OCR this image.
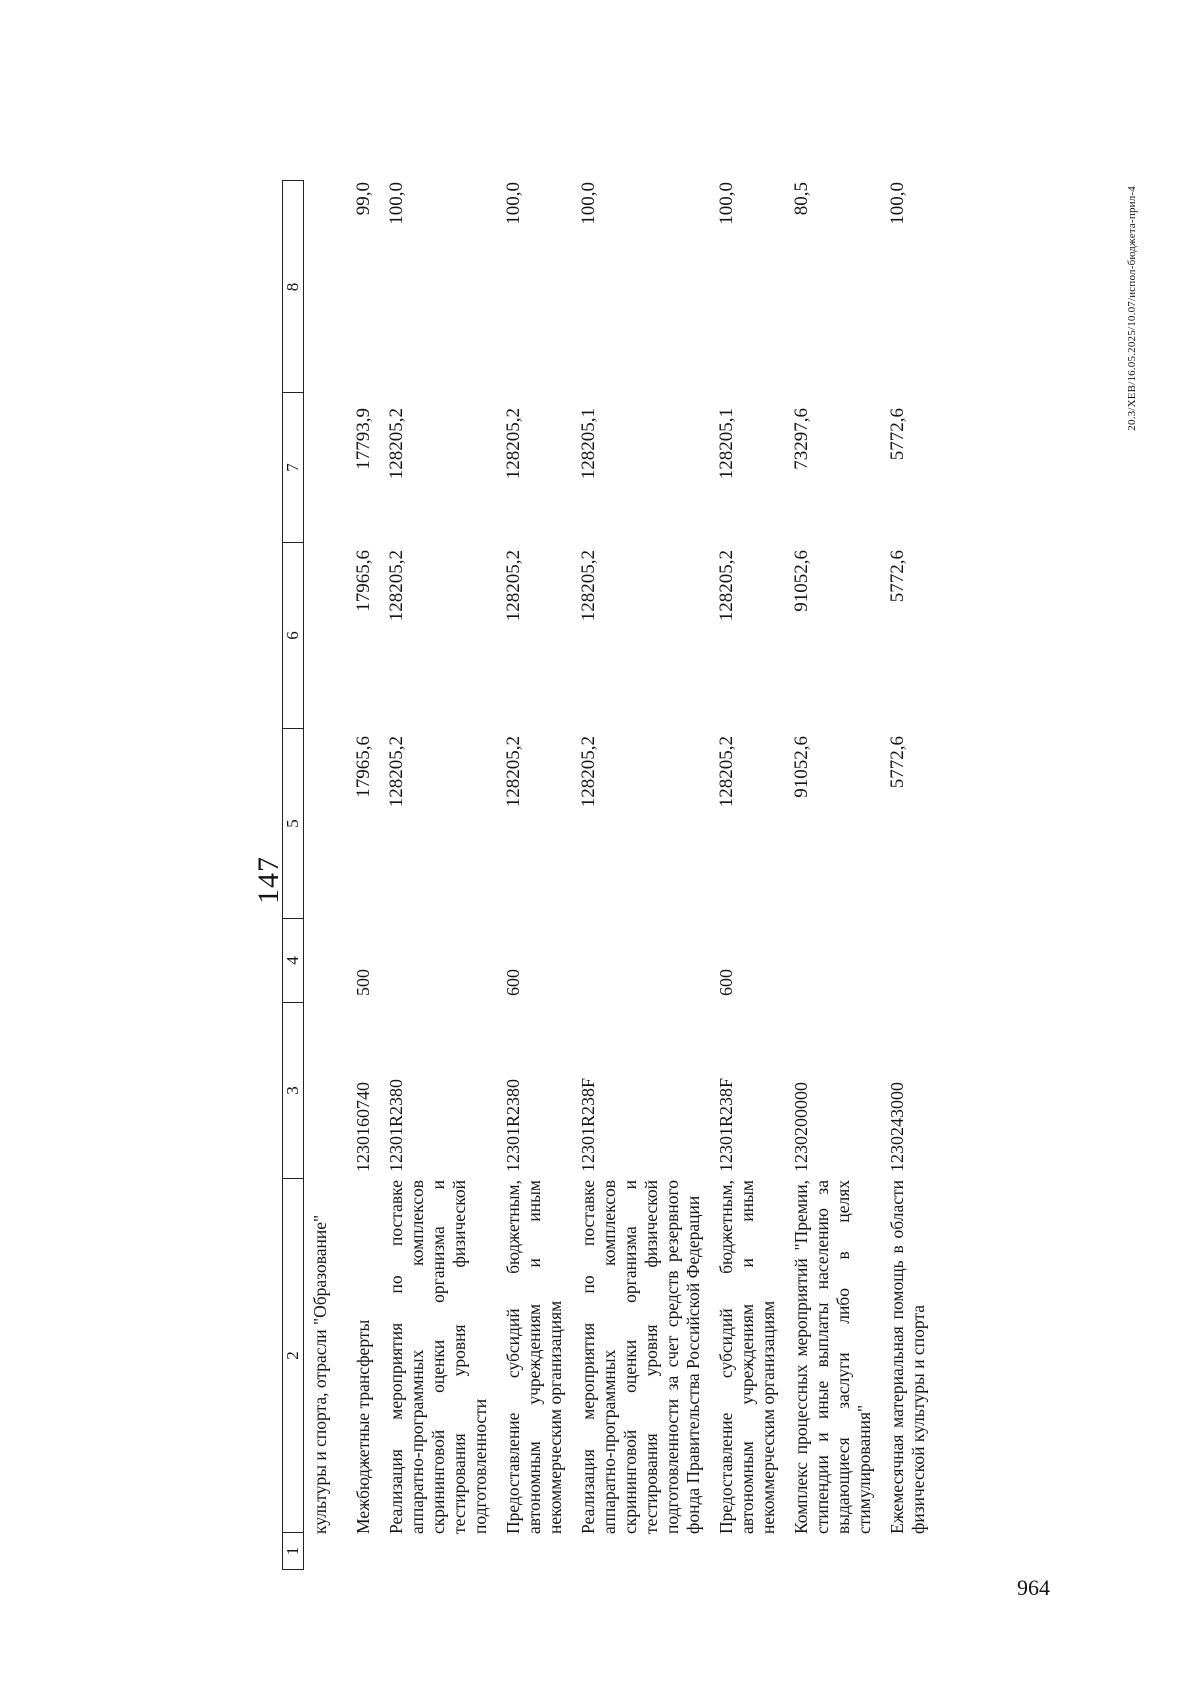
147
1
2
3
4
5
6
7
8
культуры и спорта, отрасли "Образование" Межбюджетные трансферты
1230160740
500
17965,6
17965,6
17793,9
99,0
Реализация мероприятия по поставке аппаратно-программных комплексов скрининговой оценки организма и тестирования уровня физической подготовленности
12301R2380
128205,2
128205,2
128205,2
100,0
Предоставление субсидий бюджетным, автономным учреждениям и иным некоммерческим организациям
12301R2380
600
128205,2
128205,2
128205,2
100,0
Реализация мероприятия по поставке аппаратно-программных комплексов скрининговой оценки организма и тестирования уровня физической подготовленности за счет средств резервного фонда Правительства Российской Федерации
12301R238F
128205,2
128205,2
128205,1
100,0
Предоставление субсидий бюджетным, автономным учреждениям и иным некоммерческим организациям
12301R238F
600
128205,2
128205,2
128205,1
100,0
Комплекс процессных мероприятий "Премии, стипендии и иные выплаты населению за выдающиеся заслуги либо в целях стимулирования"
1230200000
91052,6
91052,6
73297,6
80,5
Ежемесячная материальная помощь в области физической культуры и спорта
1230243000
5772,6
5772,6
5772,6
100,0	20.3/ХЕВ/16.05.2025/10.07/испол-бюджета-прил-4
964
